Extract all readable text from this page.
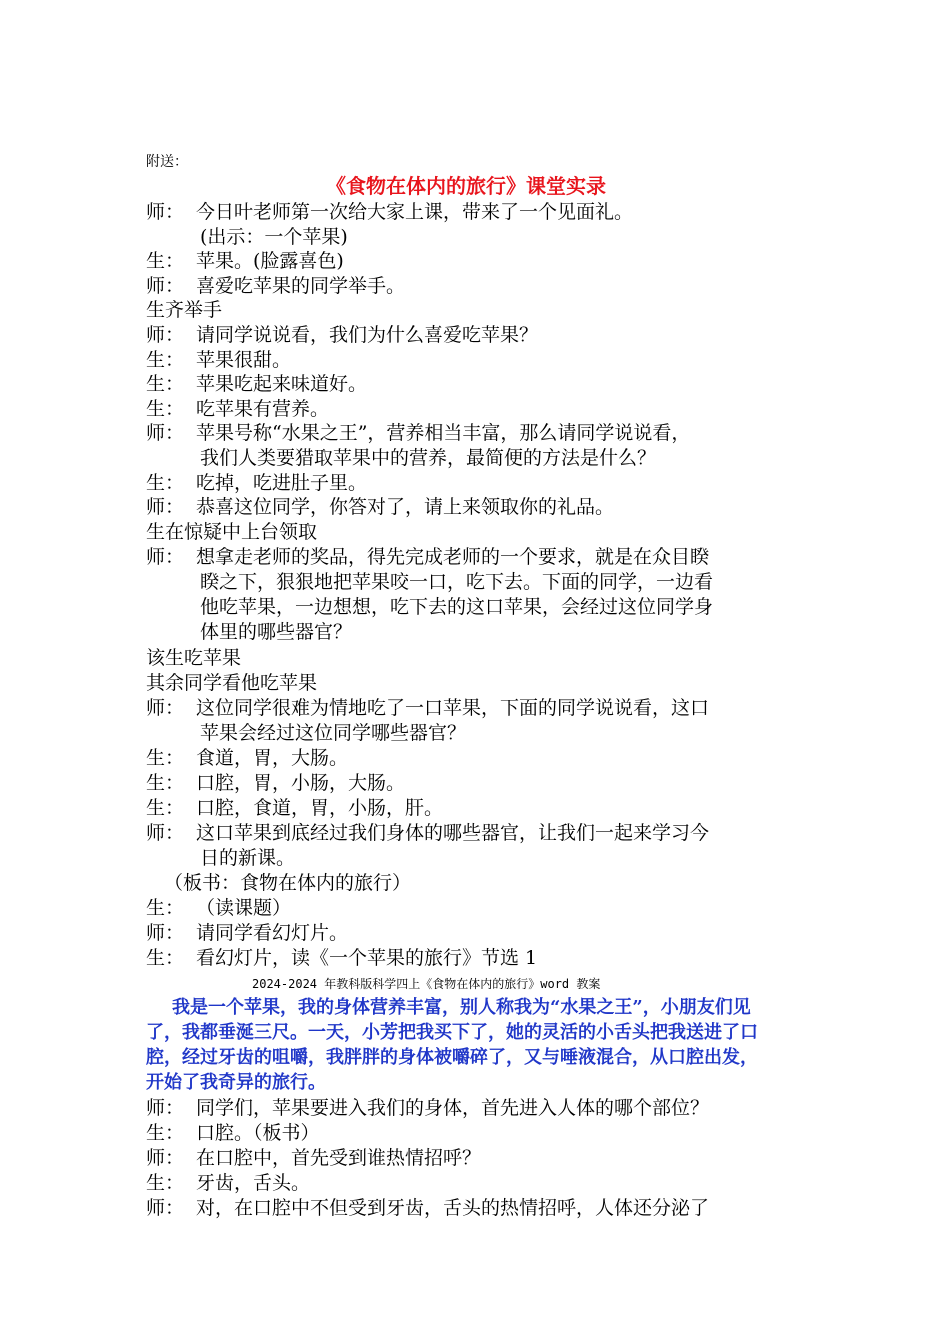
附送：
《食物在体内的旅行》课堂实录
师： 今日叶老师第一次给大家上课，带来了一个见面礼。
(出示：一个苹果)
生： 苹果。(脸露喜色)
师： 喜爱吃苹果的同学举手。
生齐举手
师： 请同学说说看，我们为什么喜爱吃苹果？
生： 苹果很甜。
生： 苹果吃起来味道好。
生： 吃苹果有营养。
师： 苹果号称“水果之王”，营养相当丰富，那么请同学说说看，
我们人类要猎取苹果中的营养，最简便的方法是什么？
生： 吃掉，吃进肚子里。
师： 恭喜这位同学，你答对了，请上来领取你的礼品。
生在惊疑中上台领取
师： 想拿走老师的奖品，得先完成老师的一个要求，就是在众目睽
睽之下，狠狠地把苹果咬一口，吃下去。下面的同学，一边看
他吃苹果，一边想想，吃下去的这口苹果，会经过这位同学身
体里的哪些器官？
该生吃苹果
其余同学看他吃苹果
师： 这位同学很难为情地吃了一口苹果，下面的同学说说看，这口
苹果会经过这位同学哪些器官？
生： 食道，胃，大肠。
生： 口腔，胃，小肠，大肠。
生： 口腔，食道，胃，小肠，肝。
师： 这口苹果到底经过我们身体的哪些器官，让我们一起来学习今
日的新课。
（板书：食物在体内的旅行）
生： （读课题）
师： 请同学看幻灯片。
生： 看幻灯片，读《一个苹果的旅行》节选 1
2024-2024 年教科版科学四上《食物在体内的旅行》word 教案
我是一个苹果，我的身体营养丰富，别人称我为“水果之王”，小朋友们见
了，我都垂涎三尺。一天，小芳把我买下了，她的灵活的小舌头把我送进了口
腔，经过牙齿的咀嚼，我胖胖的身体被嚼碎了，又与唾液混合，从口腔出发，
开始了我奇异的旅行。
师： 同学们，苹果要进入我们的身体，首先进入人体的哪个部位？
生： 口腔。（板书）
师： 在口腔中，首先受到谁热情招呼？
生： 牙齿，舌头。
师： 对，在口腔中不但受到牙齿，舌头的热情招呼，人体还分泌了
